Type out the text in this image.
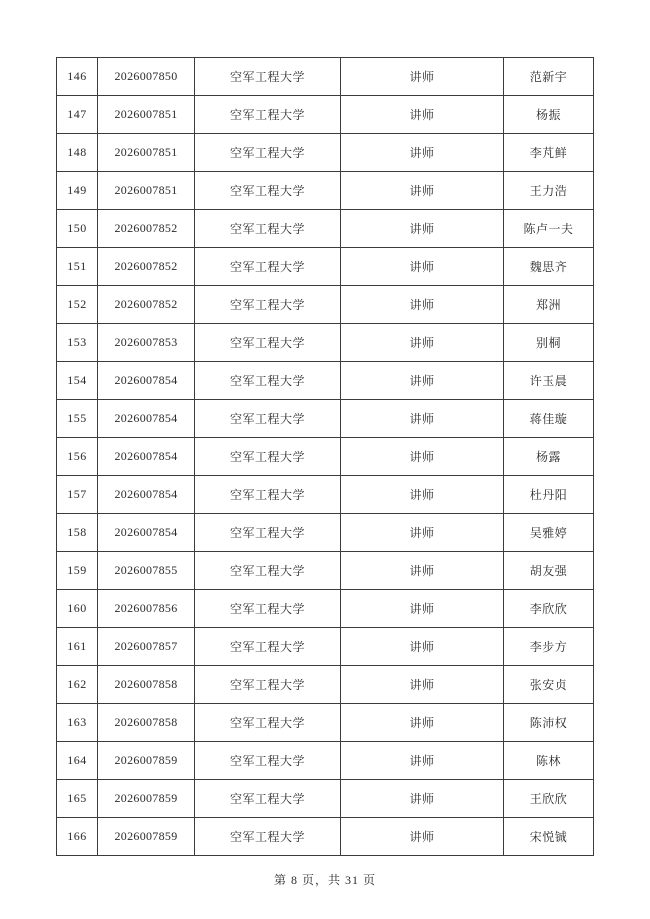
146	2026007850	空军工程大学	讲师	范新宇
147	2026007851	空军工程大学	讲师	杨振
148	2026007851	空军工程大学	讲师	李芃鲜
149	2026007851	空军工程大学	讲师	王力浩
150	2026007852	空军工程大学	讲师	陈卢一夫
151	2026007852	空军工程大学	讲师	魏思齐
152	2026007852	空军工程大学	讲师	郑洲
153	2026007853	空军工程大学	讲师	别桐
154	2026007854	空军工程大学	讲师	许玉晨
155	2026007854	空军工程大学	讲师	蒋佳璇
156	2026007854	空军工程大学	讲师	杨露
157	2026007854	空军工程大学	讲师	杜丹阳
158	2026007854	空军工程大学	讲师	吴雅婷
159	2026007855	空军工程大学	讲师	胡友强
160	2026007856	空军工程大学	讲师	李欣欣
161	2026007857	空军工程大学	讲师	李步方
162	2026007858	空军工程大学	讲师	张安贞
163	2026007858	空军工程大学	讲师	陈沛权
164	2026007859	空军工程大学	讲师	陈林
165	2026007859	空军工程大学	讲师	王欣欣
166	2026007859	空军工程大学	讲师	宋悦铖
第 8 页，共 31 页
